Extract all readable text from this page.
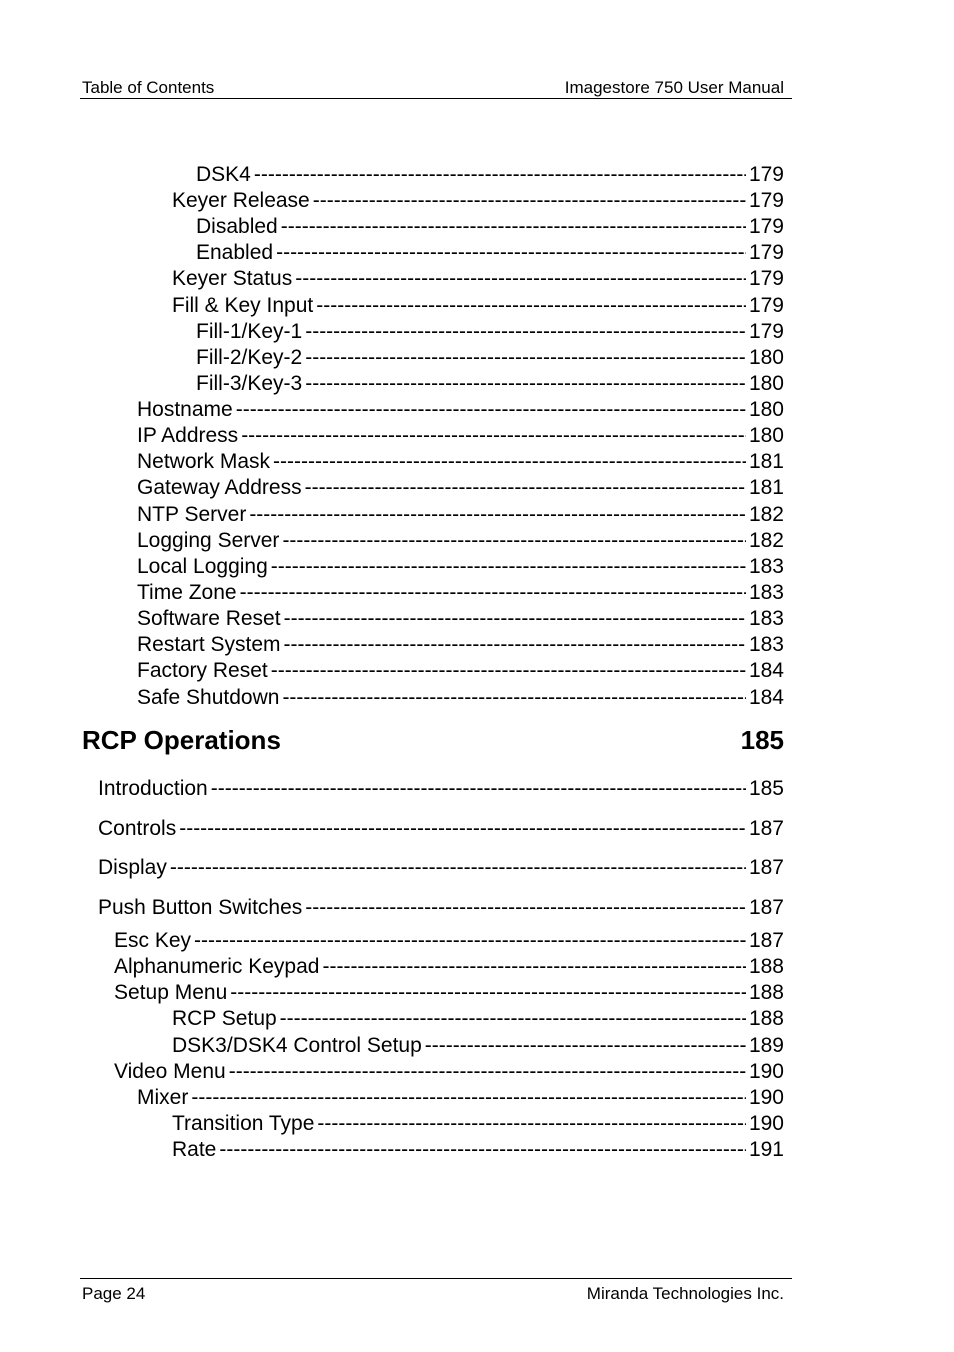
Table of Contents	Imagestore 750 User Manual
DSK4 -----	179
Keyer Release -----	179
Disabled -----	179
Enabled -----	179
Keyer Status -----	179
Fill & Key Input -----	179
Fill-1/Key-1 -----	179
Fill-2/Key-2 -----	180
Fill-3/Key-3 -----	180
Hostname -----	180
IP Address -----	180
Network Mask -----	181
Gateway Address -----	181
NTP Server -----	182
Logging Server -----	182
Local Logging -----	183
Time Zone -----	183
Software Reset -----	183
Restart System -----	183
Factory Reset -----	184
Safe Shutdown -----	184
RCP Operations	185
Introduction -----	185
Controls -----	187
Display -----	187
Push Button Switches -----	187
Esc Key -----	187
Alphanumeric Keypad -----	188
Setup Menu -----	188
RCP Setup -----	188
DSK3/DSK4 Control Setup -----	189
Video Menu -----	190
Mixer -----	190
Transition Type -----	190
Rate -----	191
Page 24	Miranda Technologies Inc.
